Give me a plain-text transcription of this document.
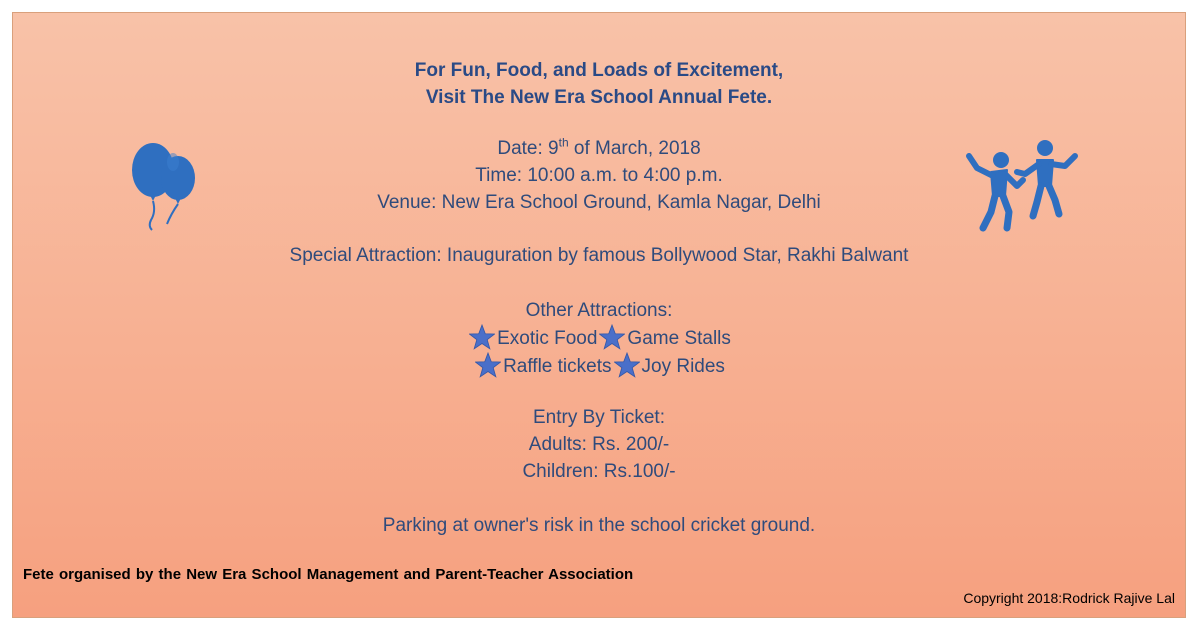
For Fun, Food, and Loads of Excitement,
Visit The New Era School Annual Fete.
Date: 9th of March, 2018
Time: 10:00 a.m. to 4:00 p.m.
Venue: New Era School Ground, Kamla Nagar, Delhi
Special Attraction: Inauguration by famous Bollywood Star, Rakhi Balwant
Other Attractions:
Exotic Food Game Stalls
Raffle tickets Joy Rides
Entry By Ticket:
Adults: Rs. 200/-
Children: Rs.100/-
Parking at owner's risk in the school cricket ground.
Fete organised by the New Era School Management and Parent-Teacher Association
Copyright 2018:Rodrick Rajive Lal
